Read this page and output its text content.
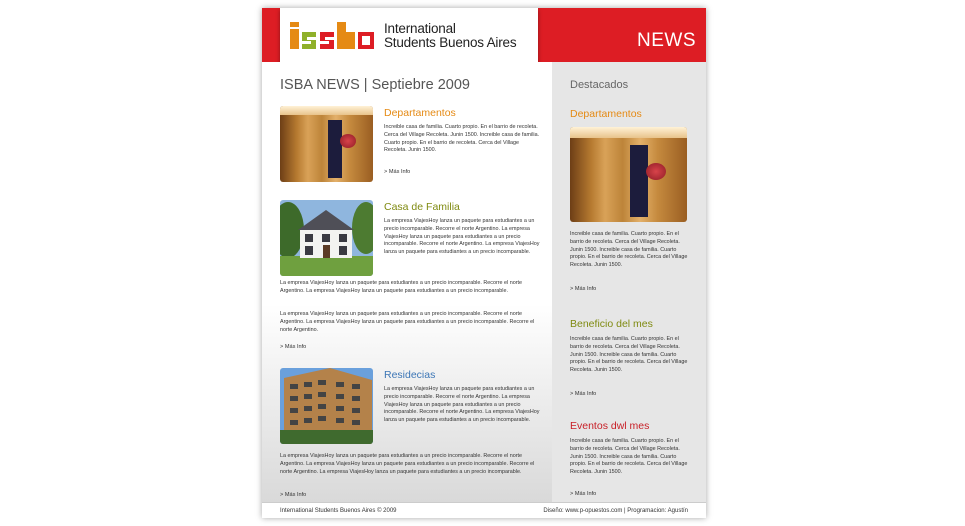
International
Students Buenos Aires	NEWS
ISBA NEWS | Septiebre 2009
Departamentos
Increible casa de familia. Cuarto propio. En el barrio de recoleta. Cerca del Village Recoleta. Junin 1500. Increible casa de familia. Cuarto propio. En el barrio de recoleta. Cerca del Village Recoleta. Junin 1500.
> Más Info
Casa de Familia
La empresa ViajesHoy lanza un paquete para estudiantes a un precio incomparable. Recorre el norte Argentino. La empresa ViajesHoy lanza un paquete para estudiantes a un precio incomparable. Recorre el norte Argentino. La empresa ViajesHoy lanza un paquete para estudiantes a un precio incomparable.
La empresa ViajesHoy lanza un paquete para estudiantes a un precio incomparable. Recorre el norte Argentino. La empresa ViajesHoy lanza un paquete para estudiantes a un precio incomparable.
La empresa ViajesHoy lanza un paquete para estudiantes a un precio incomparable. Recorre el norte Argentino. La empresa ViajesHoy lanza un paquete para estudiantes a un precio incomparable. Recorre el norte Argentino.
> Más Info
Residecias
La empresa ViajesHoy lanza un paquete para estudiantes a un precio incomparable. Recorre el norte Argentino. La empresa ViajesHoy lanza un paquete para estudiantes a un precio incomparable. Recorre el norte Argentino. La empresa ViajesHoy lanza un paquete para estudiantes a un precio incomparable.
La empresa ViajesHoy lanza un paquete para estudiantes a un precio incomparable. Recorre el norte Argentino. La empresa ViajesHoy lanza un paquete para estudiantes a un precio incomparable. Recorre el norte Argentino. La empresa ViajesHoy lanza un paquete para estudiantes a un precio incomparable.
> Más Info
Destacados
Departamentos
Increible casa de familia. Cuarto propio. En el barrio de recoleta. Cerca del Village Recoleta. Junin 1500. Increible casa de familia. Cuarto propio. En el barrio de recoleta. Cerca del Village Recoleta. Junin 1500.
> Más Info
Beneficio del mes
Increible casa de familia. Cuarto propio. En el barrio de recoleta. Cerca del Village Recoleta. Junin 1500. Increible casa de familia. Cuarto propio. En el barrio de recoleta. Cerca del Village Recoleta. Junin 1500.
> Más Info
Eventos dwl mes
Increible casa de familia. Cuarto propio. En el barrio de recoleta. Cerca del Village Recoleta. Junin 1500. Increible casa de familia. Cuarto propio. En el barrio de recoleta. Cerca del Village Recoleta. Junin 1500.
> Más Info
International Students Buenos Aires © 2009	Diseño: www.p-opuestos.com | Programacion: Agustín
